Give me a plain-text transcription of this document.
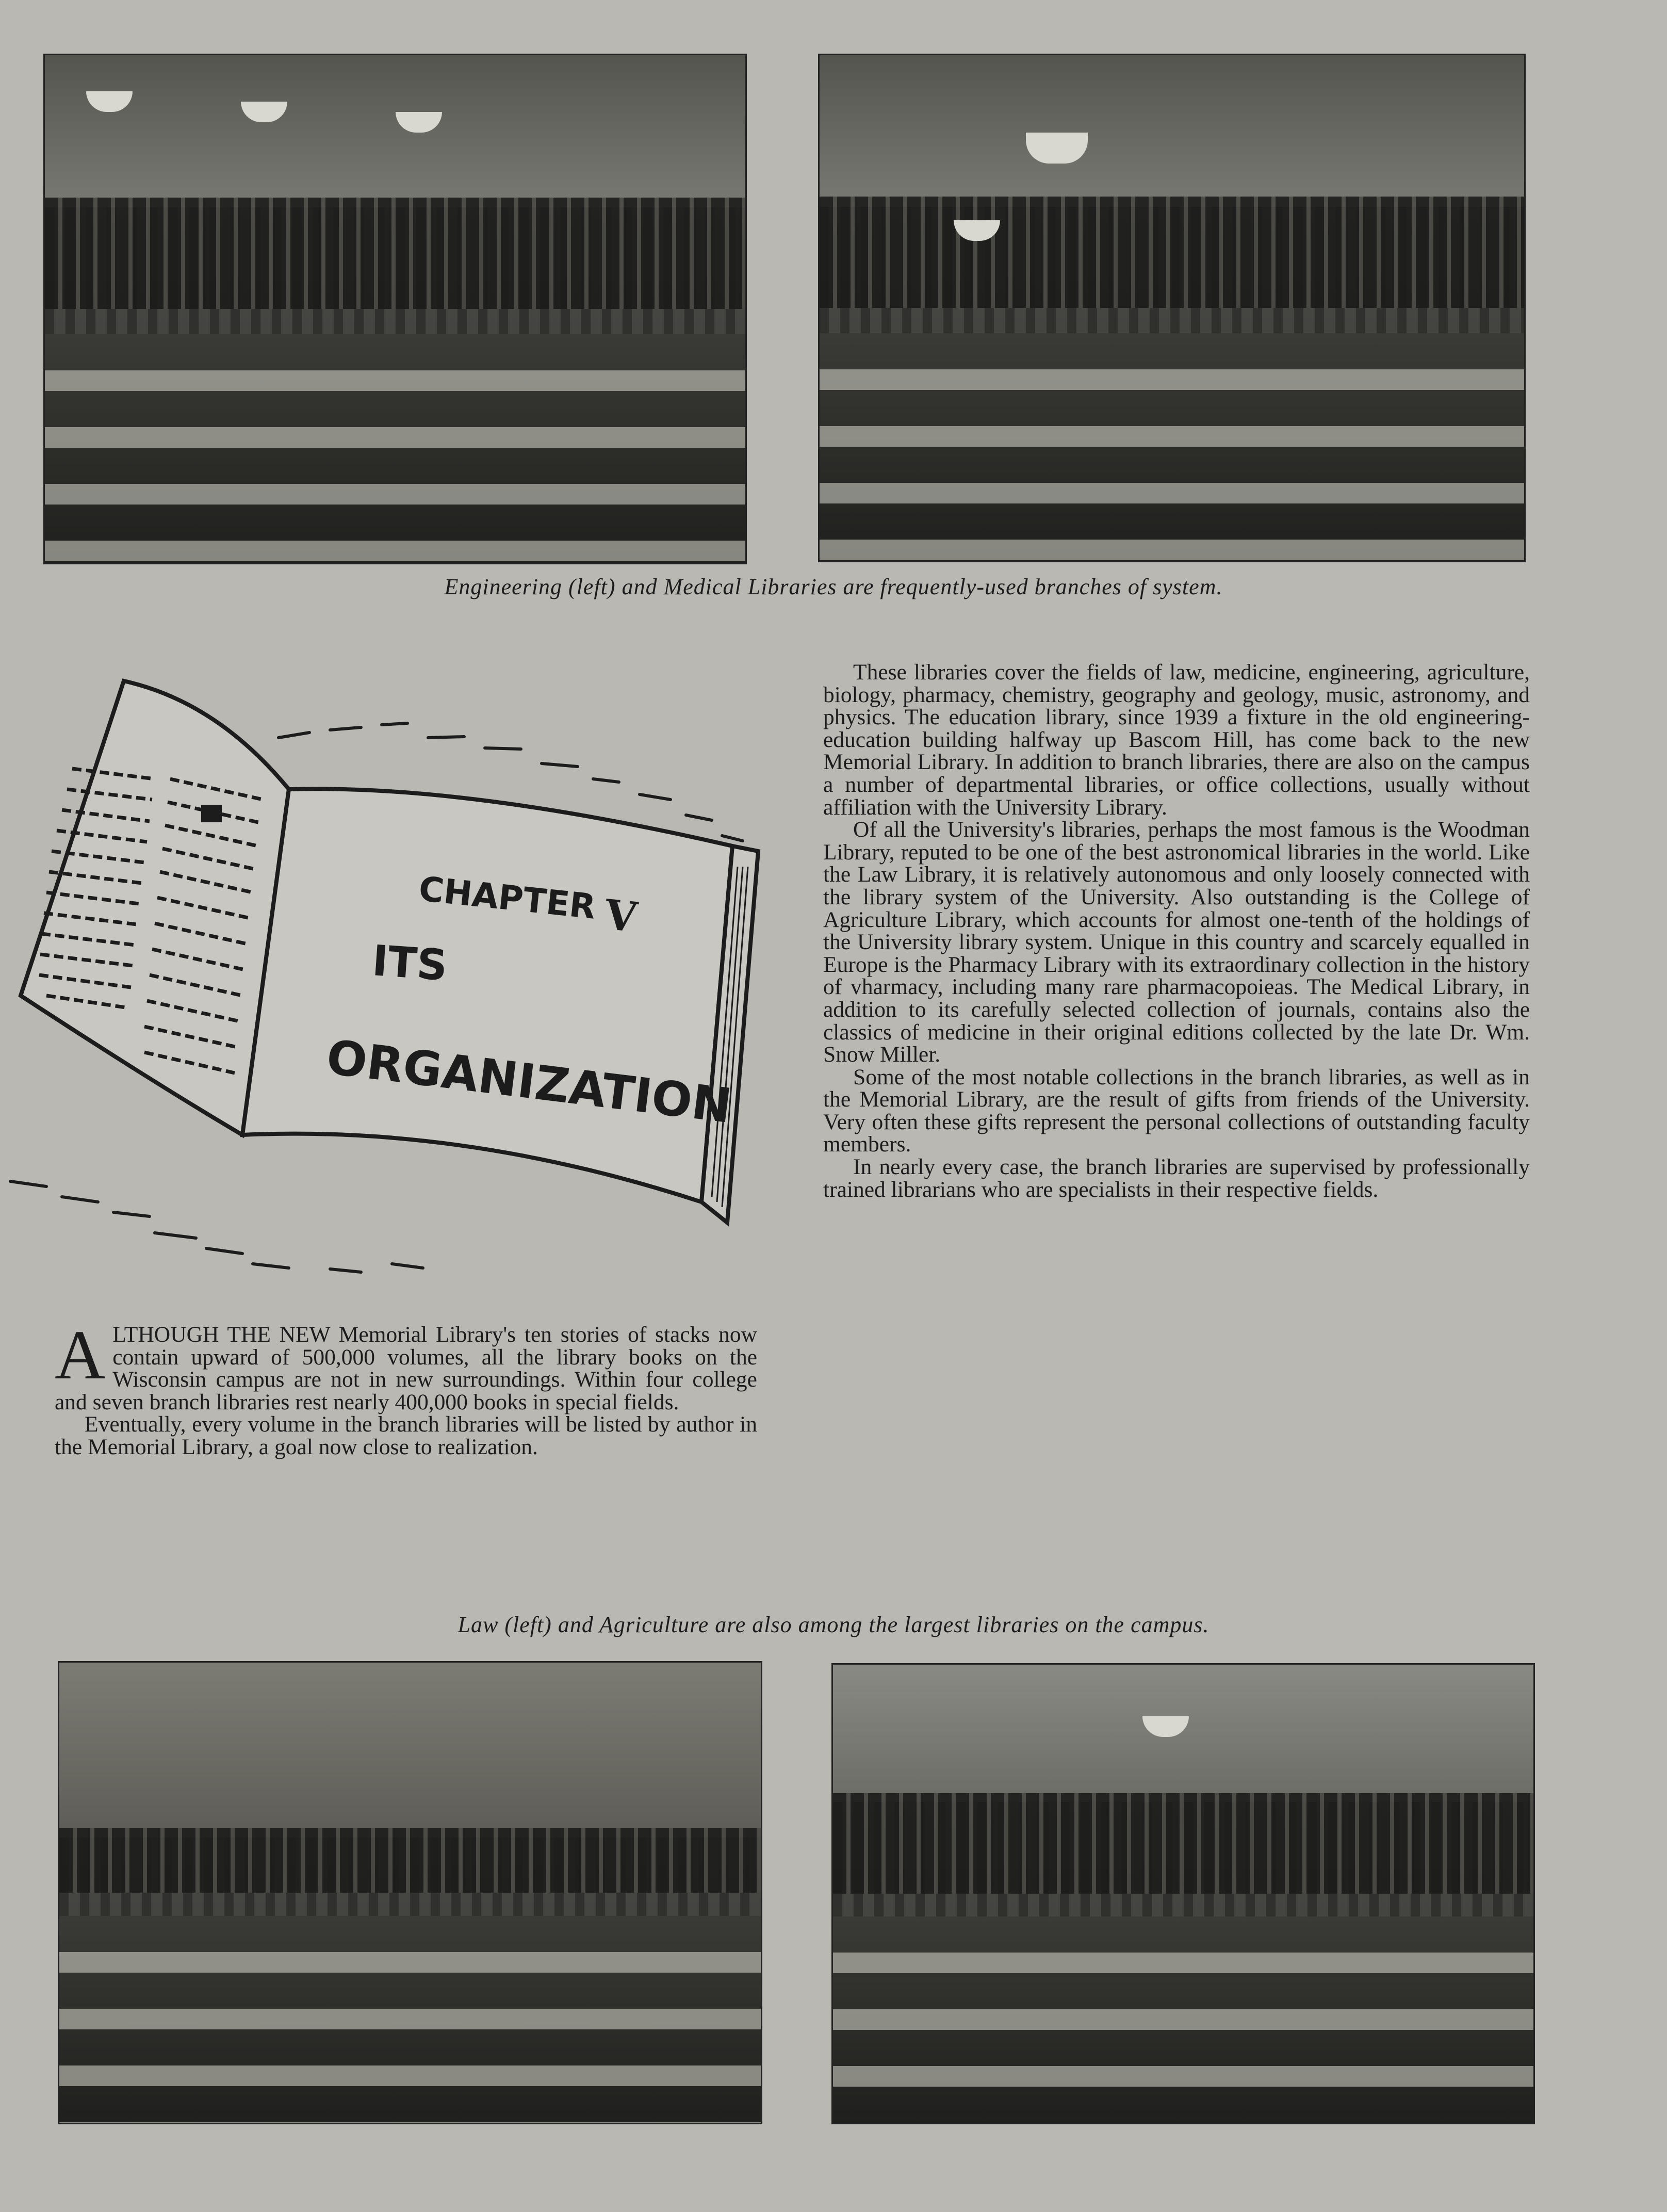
Engineering (left) and Medical Libraries are frequently-used branches of system.
CHAPTER V
ITS
ORGANIZATION

ALTHOUGH THE NEW Memorial Library's ten stories of stacks now contain upward of 500,000 volumes, all the library books on the Wisconsin campus are not in new surroundings. Within four college and seven branch libraries rest nearly 400,000 books in special fields.

Eventually, every volume in the branch libraries will be listed by author in the Memorial Library, a goal now close to realization.

These libraries cover the fields of law, medicine, engineering, agriculture, biology, pharmacy, chemistry, geography and geology, music, astronomy, and physics. The education library, since 1939 a fixture in the old engineering-education building halfway up Bascom Hill, has come back to the new Memorial Library. In addition to branch libraries, there are also on the campus a number of departmental libraries, or office collections, usually without affiliation with the University Library.

Of all the University's libraries, perhaps the most famous is the Woodman Library, reputed to be one of the best astronomical libraries in the world. Like the Law Library, it is relatively autonomous and only loosely connected with the library system of the University. Also outstanding is the College of Agriculture Library, which accounts for almost one-tenth of the holdings of the University library system. Unique in this country and scarcely equalled in Europe is the Pharmacy Library with its extraordinary collection in the history of vharmacy, including many rare pharmacopoieas. The Medical Library, in addition to its carefully selected collection of journals, contains also the classics of medicine in their original editions collected by the late Dr. Wm. Snow Miller.

Some of the most notable collections in the branch libraries, as well as in the Memorial Library, are the result of gifts from friends of the University. Very often these gifts represent the personal collections of outstanding faculty members.

In nearly every case, the branch libraries are supervised by professionally trained librarians who are specialists in their respective fields.

Law (left) and Agriculture are also among the largest libraries on the campus.
